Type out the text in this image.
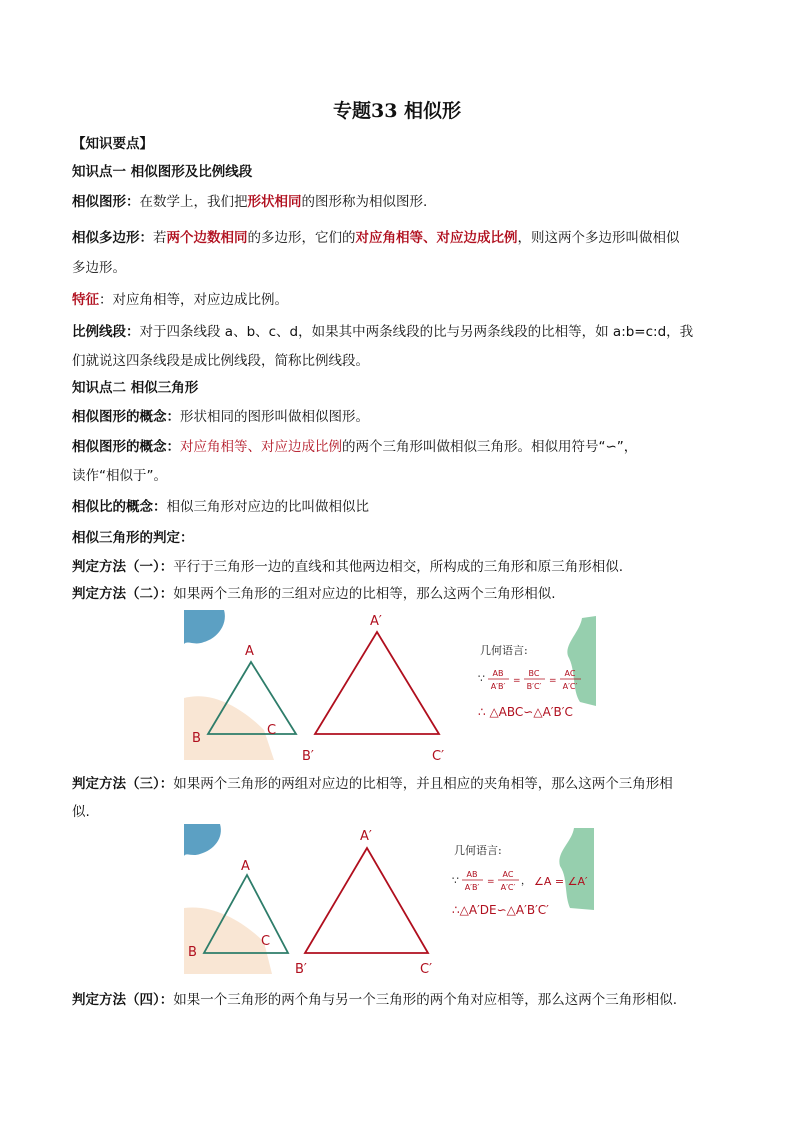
专题33 相似形
【知识要点】
知识点一 相似图形及比例线段
相似图形：在数学上，我们把形状相同的图形称为相似图形.
相似多边形：若两个边数相同的多边形，它们的对应角相等、对应边成比例，则这两个多边形叫做相似
多边形。
特征：对应角相等，对应边成比例。
比例线段：对于四条线段 a、b、c、d，如果其中两条线段的比与另两条线段的比相等，如 a:b=c:d，我
们就说这四条线段是成比例线段，简称比例线段。
知识点二 相似三角形
相似图形的概念：形状相同的图形叫做相似图形。
相似图形的概念：对应角相等、对应边成比例的两个三角形叫做相似三角形。相似用符号“∽”，
读作“相似于”。
相似比的概念：相似三角形对应边的比叫做相似比
相似三角形的判定：
判定方法（一）：平行于三角形一边的直线和其他两边相交，所构成的三角形和原三角形相似.
判定方法（二）：如果两个三角形的三组对应边的比相等，那么这两个三角形相似.
A
B
C
A′
B′	C′
几何语言:
∵ AB
A′B′
=
BC
B′C′
=
AC
A′C′
∴ △ABC∽△A′B′C
判定方法（三）：如果两个三角形的两组对应边的比相等，并且相应的夹角相等，那么这两个三角形相
似.
A
B
C
A′
B′	C′
几何语言:
∵ AB
A′B′
=
AC
A′C′
， ∠A = ∠A′
∴△A′DE∽△A′B′C′
判定方法（四）：如果一个三角形的两个角与另一个三角形的两个角对应相等，那么这两个三角形相似.
